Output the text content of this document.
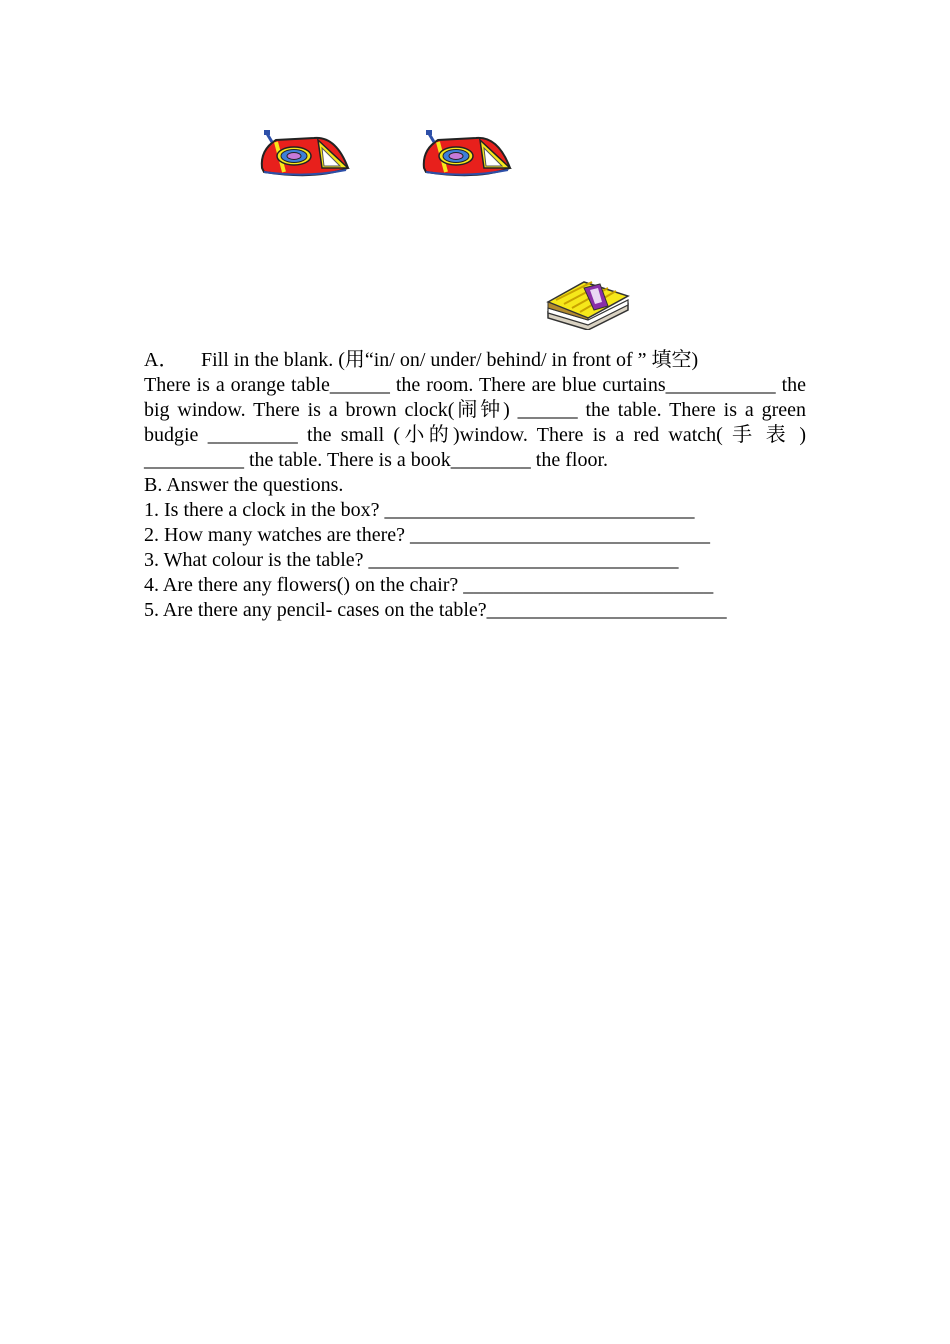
A． Fill in the blank. (用“in/ on/ under/ behind/ in front of ” 填空)

There is a orange table______ the room. There are blue curtains___________ the big window. There is a brown clock(闹钟) ______ the table. There is a green budgie _________ the small (小的)window. There is a red watch( 手 表 ) __________ the table. There is a book________ the floor.

B. Answer the questions.

1. Is there a clock in the box? _______________________________

2. How many watches are there? ______________________________

3. What colour is the table? _______________________________

4. Are there any flowers() on the chair? _________________________

5. Are there any pencil- cases on the table?________________________
